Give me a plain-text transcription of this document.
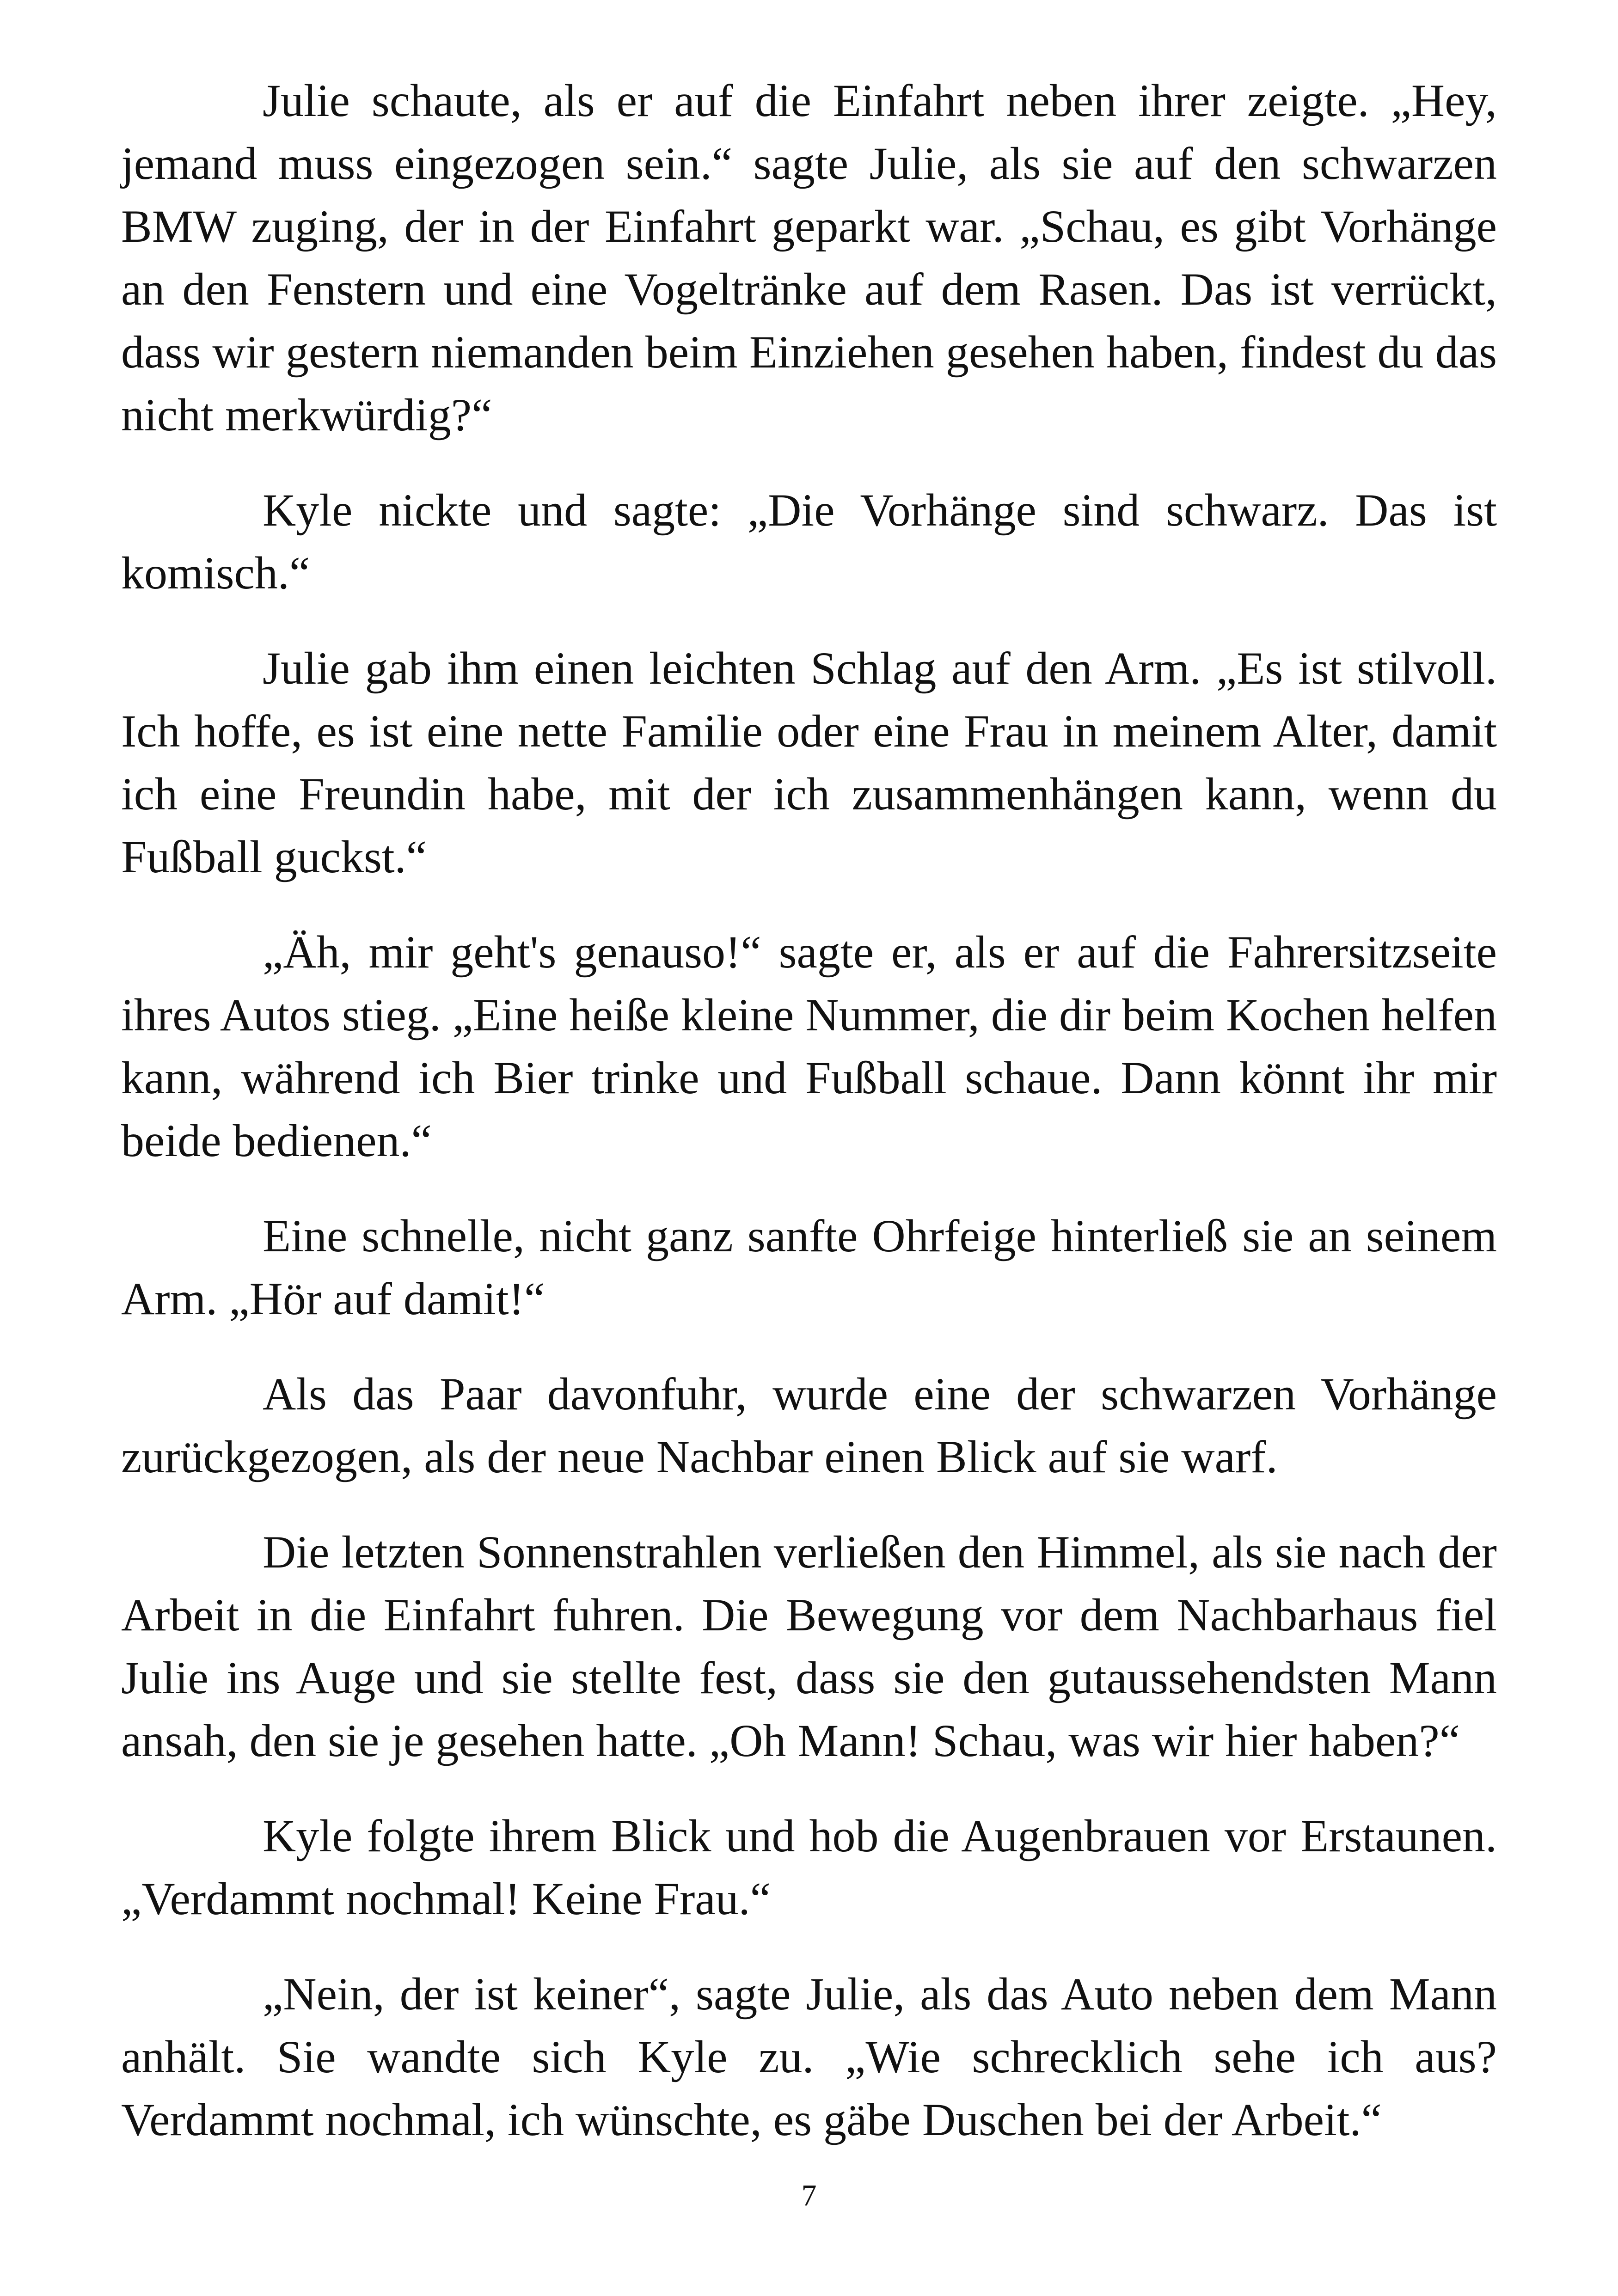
Julie schaute, als er auf die Einfahrt neben ihrer zeigte. „Hey, jemand muss eingezogen sein.“ sagte Julie, als sie auf den schwarzen BMW zuging, der in der Einfahrt geparkt war. „Schau, es gibt Vorhänge an den Fenstern und eine Vogeltränke auf dem Rasen. Das ist verrückt, dass wir gestern niemanden beim Einziehen gesehen haben, findest du das nicht merkwürdig?“

Kyle nickte und sagte: „Die Vorhänge sind schwarz. Das ist komisch.“

Julie gab ihm einen leichten Schlag auf den Arm. „Es ist stilvoll. Ich hoffe, es ist eine nette Familie oder eine Frau in meinem Alter, damit ich eine Freundin habe, mit der ich zusammenhängen kann, wenn du Fußball guckst.“

„Äh, mir geht's genauso!“ sagte er, als er auf die Fahrersitzseite ihres Autos stieg. „Eine heiße kleine Nummer, die dir beim Kochen helfen kann, während ich Bier trinke und Fußball schaue. Dann könnt ihr mir beide bedienen.“

Eine schnelle, nicht ganz sanfte Ohrfeige hinterließ sie an seinem Arm. „Hör auf damit!“

Als das Paar davonfuhr, wurde eine der schwarzen Vorhänge zurückgezogen, als der neue Nachbar einen Blick auf sie warf.

Die letzten Sonnenstrahlen verließen den Himmel, als sie nach der Arbeit in die Einfahrt fuhren. Die Bewegung vor dem Nachbarhaus fiel Julie ins Auge und sie stellte fest, dass sie den gutaussehendsten Mann ansah, den sie je gesehen hatte. „Oh Mann! Schau, was wir hier haben?“

Kyle folgte ihrem Blick und hob die Augenbrauen vor Erstaunen. „Verdammt nochmal! Keine Frau.“

„Nein, der ist keiner“, sagte Julie, als das Auto neben dem Mann anhält. Sie wandte sich Kyle zu. „Wie schrecklich sehe ich aus? Verdammt nochmal, ich wünschte, es gäbe Duschen bei der Arbeit.“

7
